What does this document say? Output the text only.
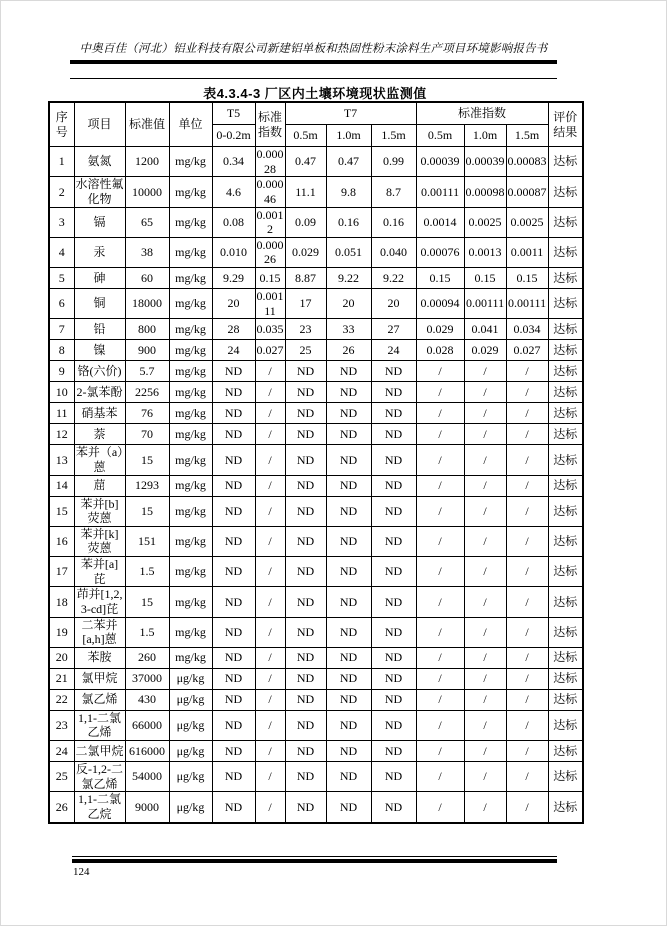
中奥百佳（河北）铝业科技有限公司新建铝单板和热固性粉末涂料生产项目环境影响报告书
表4.3.4-3 厂区内土壤环境现状监测值
序号	项目	标准值	单位	T5	标准指数	T7			标准指数			评价结果
				0-0.2m		0.5m	1.0m	1.5m	0.5m	1.0m	1.5m	
1	氨氮	1200	mg/kg	0.34	0.00028	0.47	0.47	0.99	0.00039	0.00039	0.00083	达标
2	水溶性氟化物	10000	mg/kg	4.6	0.00046	11.1	9.8	8.7	0.00111	0.00098	0.00087	达标
3	镉	65	mg/kg	0.08	0.0012	0.09	0.16	0.16	0.0014	0.0025	0.0025	达标
4	汞	38	mg/kg	0.010	0.00026	0.029	0.051	0.040	0.00076	0.0013	0.0011	达标
5	砷	60	mg/kg	9.29	0.15	8.87	9.22	9.22	0.15	0.15	0.15	达标
6	铜	18000	mg/kg	20	0.00111	17	20	20	0.00094	0.00111	0.00111	达标
7	铅	800	mg/kg	28	0.035	23	33	27	0.029	0.041	0.034	达标
8	镍	900	mg/kg	24	0.027	25	26	24	0.028	0.029	0.027	达标
9	铬(六价)	5.7	mg/kg	ND	/	ND	ND	ND	/	/	/	达标
10	2-氯苯酚	2256	mg/kg	ND	/	ND	ND	ND	/	/	/	达标
11	硝基苯	76	mg/kg	ND	/	ND	ND	ND	/	/	/	达标
12	萘	70	mg/kg	ND	/	ND	ND	ND	/	/	/	达标
13	苯并（a）蒽	15	mg/kg	ND	/	ND	ND	ND	/	/	/	达标
14	䓛	1293	mg/kg	ND	/	ND	ND	ND	/	/	/	达标
15	苯并[b]荧蒽	15	mg/kg	ND	/	ND	ND	ND	/	/	/	达标
16	苯并[k]荧蒽	151	mg/kg	ND	/	ND	ND	ND	/	/	/	达标
17	苯并[a]芘	1.5	mg/kg	ND	/	ND	ND	ND	/	/	/	达标
18	茚并[1,2,3-cd]芘	15	mg/kg	ND	/	ND	ND	ND	/	/	/	达标
19	二苯并[a,h]蒽	1.5	mg/kg	ND	/	ND	ND	ND	/	/	/	达标
20	苯胺	260	mg/kg	ND	/	ND	ND	ND	/	/	/	达标
21	氯甲烷	37000	μg/kg	ND	/	ND	ND	ND	/	/	/	达标
22	氯乙烯	430	μg/kg	ND	/	ND	ND	ND	/	/	/	达标
23	1,1-二氯乙烯	66000	μg/kg	ND	/	ND	ND	ND	/	/	/	达标
24	二氯甲烷	616000	μg/kg	ND	/	ND	ND	ND	/	/	/	达标
25	反-1,2-二氯乙烯	54000	μg/kg	ND	/	ND	ND	ND	/	/	/	达标
26	1,1-二氯乙烷	9000	μg/kg	ND	/	ND	ND	ND	/	/	/	达标
124
